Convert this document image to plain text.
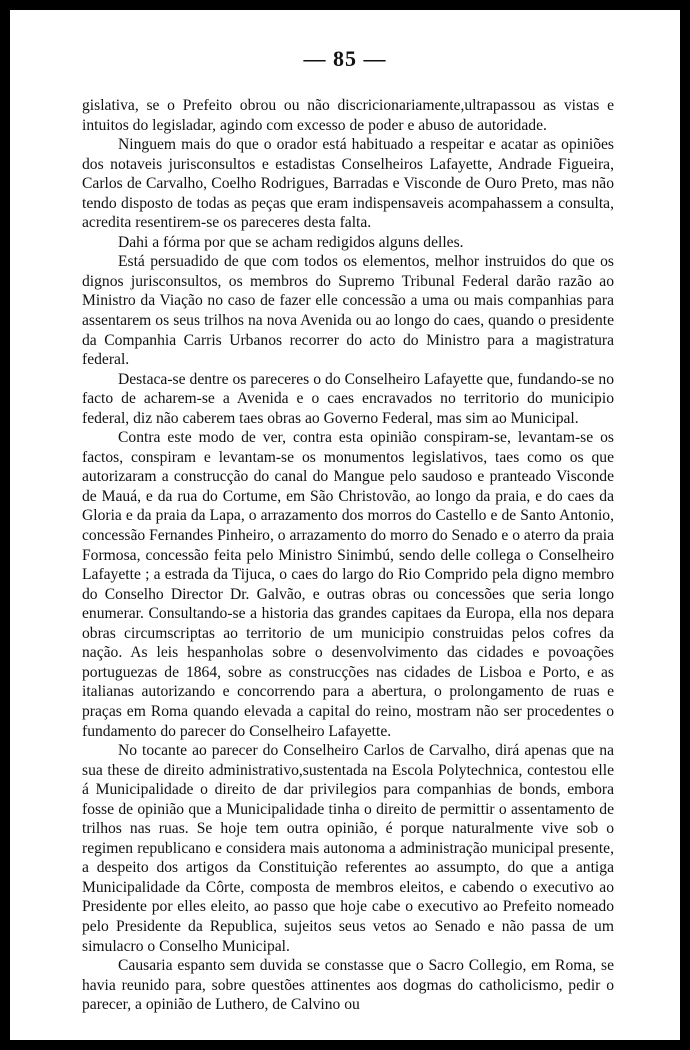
— 85 —

gislativa, se o Prefeito obrou ou não discricionariamente,ultrapassou as vistas e intuitos do legisladar, agindo com excesso de poder e abuso de autoridade.

Ninguem mais do que o orador está habituado a respeitar e acatar as opiniões dos notaveis jurisconsultos e estadistas Conselheiros Lafayette, Andrade Figueira, Carlos de Carvalho, Coelho Rodrigues, Barradas e Visconde de Ouro Preto, mas não tendo disposto de todas as peças que eram indispensaveis acompahassem a consulta, acredita resentirem-se os pareceres desta falta.

Dahi a fórma por que se acham redigidos alguns delles.

Está persuadido de que com todos os elementos, melhor instruidos do que os dignos jurisconsultos, os membros do Supremo Tribunal Federal darão razão ao Ministro da Viação no caso de fazer elle concessão a uma ou mais companhias para assentarem os seus trilhos na nova Avenida ou ao longo do caes, quando o presidente da Companhia Carris Urbanos recorrer do acto do Ministro para a magistratura federal.

Destaca-se dentre os pareceres o do Conselheiro Lafayette que, fundando-se no facto de acharem-se a Avenida e o caes encravados no territorio do municipio federal, diz não caberem taes obras ao Governo Federal, mas sim ao Municipal.

Contra este modo de ver, contra esta opinião conspiram-se, levantam-se os factos, conspiram e levantam-se os monumentos legislativos, taes como os que autorizaram a construcção do canal do Mangue pelo saudoso e pranteado Visconde de Mauá, e da rua do Cortume, em São Christovão, ao longo da praia, e do caes da Gloria e da praia da Lapa, o arrazamento dos morros do Castello e de Santo Antonio, concessão Fernandes Pinheiro, o arrazamento do morro do Senado e o aterro da praia Formosa, concessão feita pelo Ministro Sinimbú, sendo delle collega o Conselheiro Lafayette ; a estrada da Tijuca, o caes do largo do Rio Comprido pela digno membro do Conselho Director Dr. Galvão, e outras obras ou concessões que seria longo enumerar. Consultando-se a historia das grandes capitaes da Europa, ella nos depara obras circumscriptas ao territorio de um municipio construidas pelos cofres da nação. As leis hespanholas sobre o desenvolvimento das cidades e povoações portuguezas de 1864, sobre as construcções nas cidades de Lisboa e Porto, e as italianas autorizando e concorrendo para a abertura, o prolongamento de ruas e praças em Roma quando elevada a capital do reino, mostram não ser procedentes o fundamento do parecer do Conselheiro Lafayette.

No tocante ao parecer do Conselheiro Carlos de Carvalho, dirá apenas que na sua these de direito administrativo,sustentada na Escola Polytechnica, contestou elle á Municipalidade o direito de dar privilegios para companhias de bonds, embora fosse de opinião que a Municipalidade tinha o direito de permittir o assentamento de trilhos nas ruas. Se hoje tem outra opinião, é porque naturalmente vive sob o regimen republicano e considera mais autonoma a administração municipal presente, a despeito dos artigos da Constituição referentes ao assumpto, do que a antiga Municipalidade da Côrte, composta de membros eleitos, e cabendo o executivo ao Presidente por elles eleito, ao passo que hoje cabe o executivo ao Prefeito nomeado pelo Presidente da Republica, sujeitos seus vetos ao Senado e não passa de um simulacro o Conselho Municipal.

Causaria espanto sem duvida se constasse que o Sacro Collegio, em Roma, se havia reunido para, sobre questões attinentes aos dogmas do catholicismo, pedir o parecer, a opinião de Luthero, de Calvino ou
